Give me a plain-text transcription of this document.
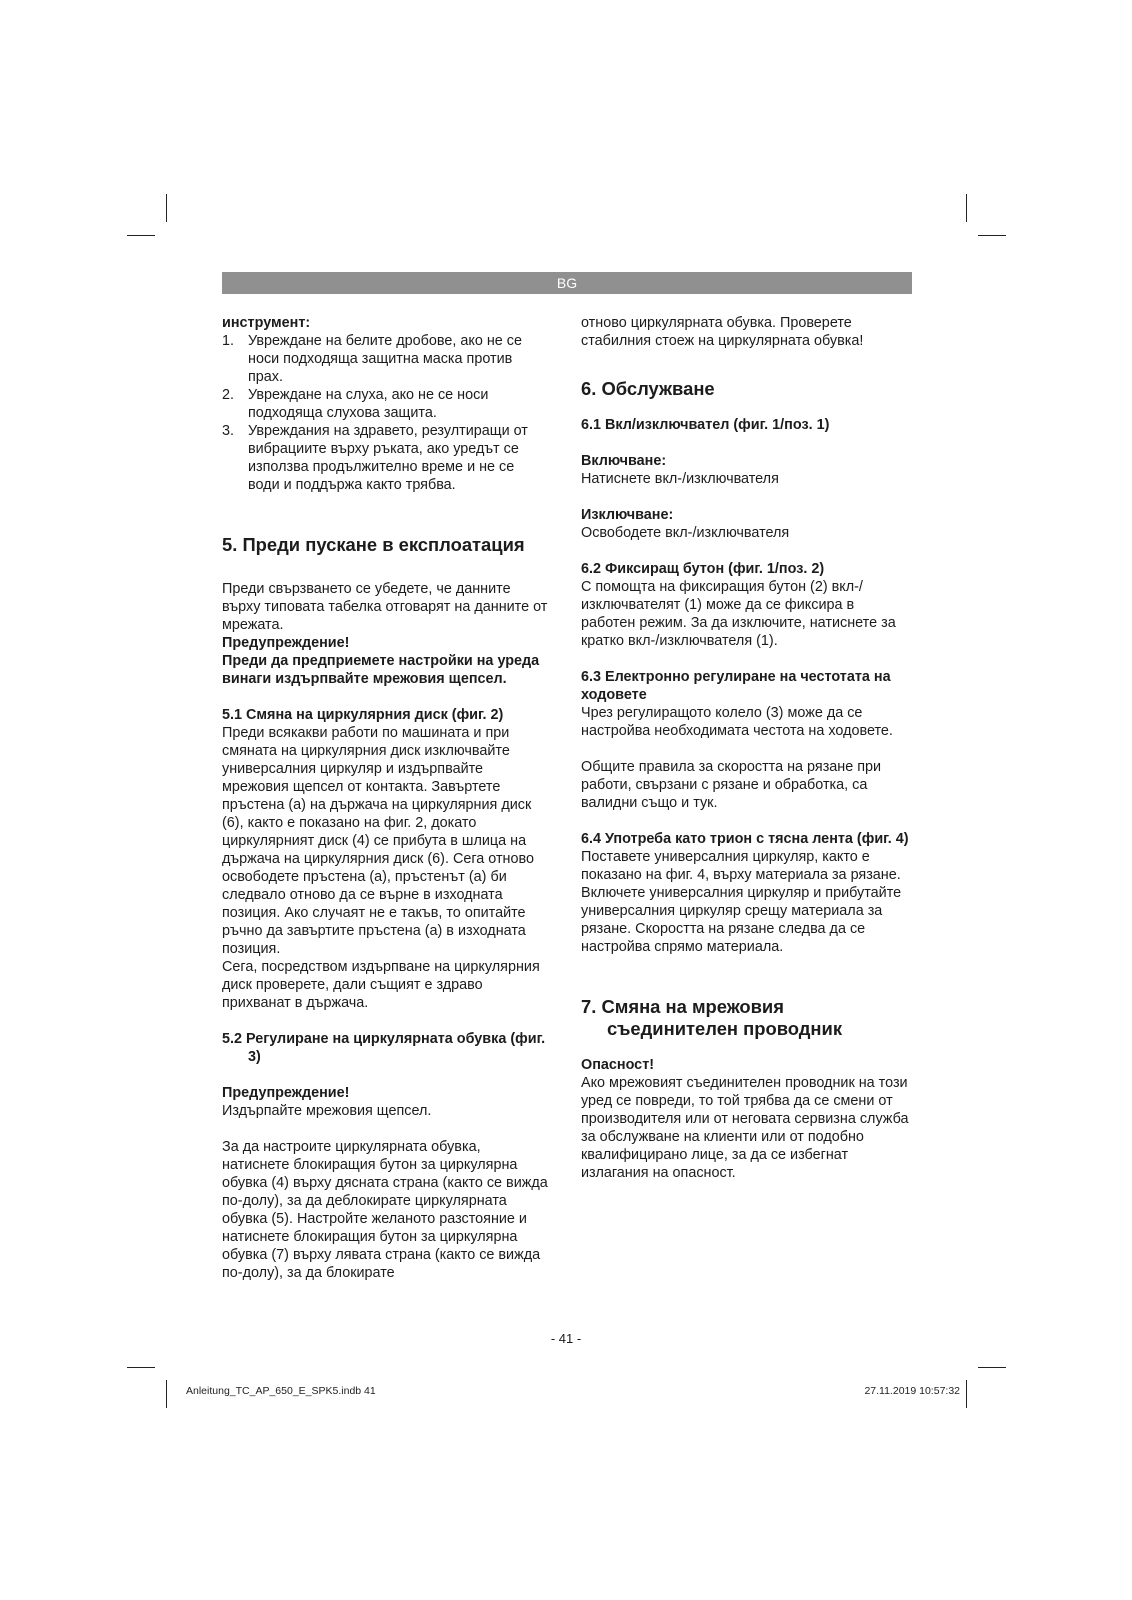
BG

инструмент:

1. Увреждане на белите дробове, ако не се носи подходяща защитна маска против прах.
2. Увреждане на слуха, ако не се носи подходяща слухова защита.
3. Увреждания на здравето, резултиращи от вибрациите върху ръката, ако уредът се използва продължително време и не се води и поддържа както трябва.
5. Преди пускане в експлоатация

Преди свързването се убедете, че данните върху типовата табелка отговарят на данните от мрежата.

Предупреждение!

Преди да предприемете настройки на уреда винаги издърпвайте мрежовия щепсел.

5.1 Смяна на циркулярния диск (фиг. 2)

Преди всякакви работи по машината и при смяната на циркулярния диск изключвайте универсалния циркуляр и издърпвайте мрежовия щепсел от контакта. Завъртете пръстена (а) на държача на циркулярния диск (6), както е показано на фиг. 2, докато циркулярният диск (4) се прибута в шлица на държача на циркулярния диск (6). Сега отново освободете пръстена (а), пръстенът (а) би следвало отново да се върне в изходната позиция. Ако случаят не е такъв, то опитайте ръчно да завъртите пръстена (а) в изходната позиция.

Сега, посредством издърпване на циркулярния диск проверете, дали същият е здраво прихванат в държача.

5.2 Регулиране на циркулярната обувка (фиг. 3)

Предупреждение!

Издърпайте мрежовия щепсел.

За да настроите циркулярната обувка, натиснете блокиращия бутон за циркулярна обувка (4) върху дясната страна (както се вижда по-долу), за да деблокирате циркулярната обувка (5). Настройте желаното разстояние и натиснете блокиращия бутон за циркулярна обувка (7) върху лявата страна (както се вижда по-долу), за да блокирате

отново циркулярната обувка. Проверете стабилния стоеж на циркулярната обувка!

6. Обслужване

6.1 Вкл/изключвател (фиг. 1/поз. 1)

Включване:

Натиснете вкл-/изключвателя

Изключване:

Освободете вкл-/изключвателя

6.2 Фиксиращ бутон (фиг. 1/поз. 2)

С помощта на фиксиращия бутон (2) вкл-/изключвателят (1) може да се фиксира в работен режим. За да изключите, натиснете за кратко вкл-/изключвателя (1).

6.3 Електронно регулиране на честотата на ходовете

Чрез регулиращото колело (3) може да се настройва необходимата честота на ходовете.

Общите правила за скоростта на рязане при работи, свързани с рязане и обработка, са валидни също и тук.

6.4 Употреба като трион с тясна лента (фиг. 4)

Поставете универсалния циркуляр, както е показано на фиг. 4, върху материала за рязане. Включете универсалния циркуляр и прибутайте универсалния циркуляр срещу материала за рязане. Скоростта на рязане следва да се настройва спрямо материала.

7. Смяна на мрежовия съединителен проводник

Опасност!

Ако мрежовият съединителен проводник на този уред се повреди, то той трябва да се смени от производителя или от неговата сервизна служба за обслужване на клиенти или от подобно квалифицирано лице, за да се избегнат излагания на опасност.

- 41 -
Anleitung_TC_AP_650_E_SPK5.indb 41	27.11.2019 10:57:32
